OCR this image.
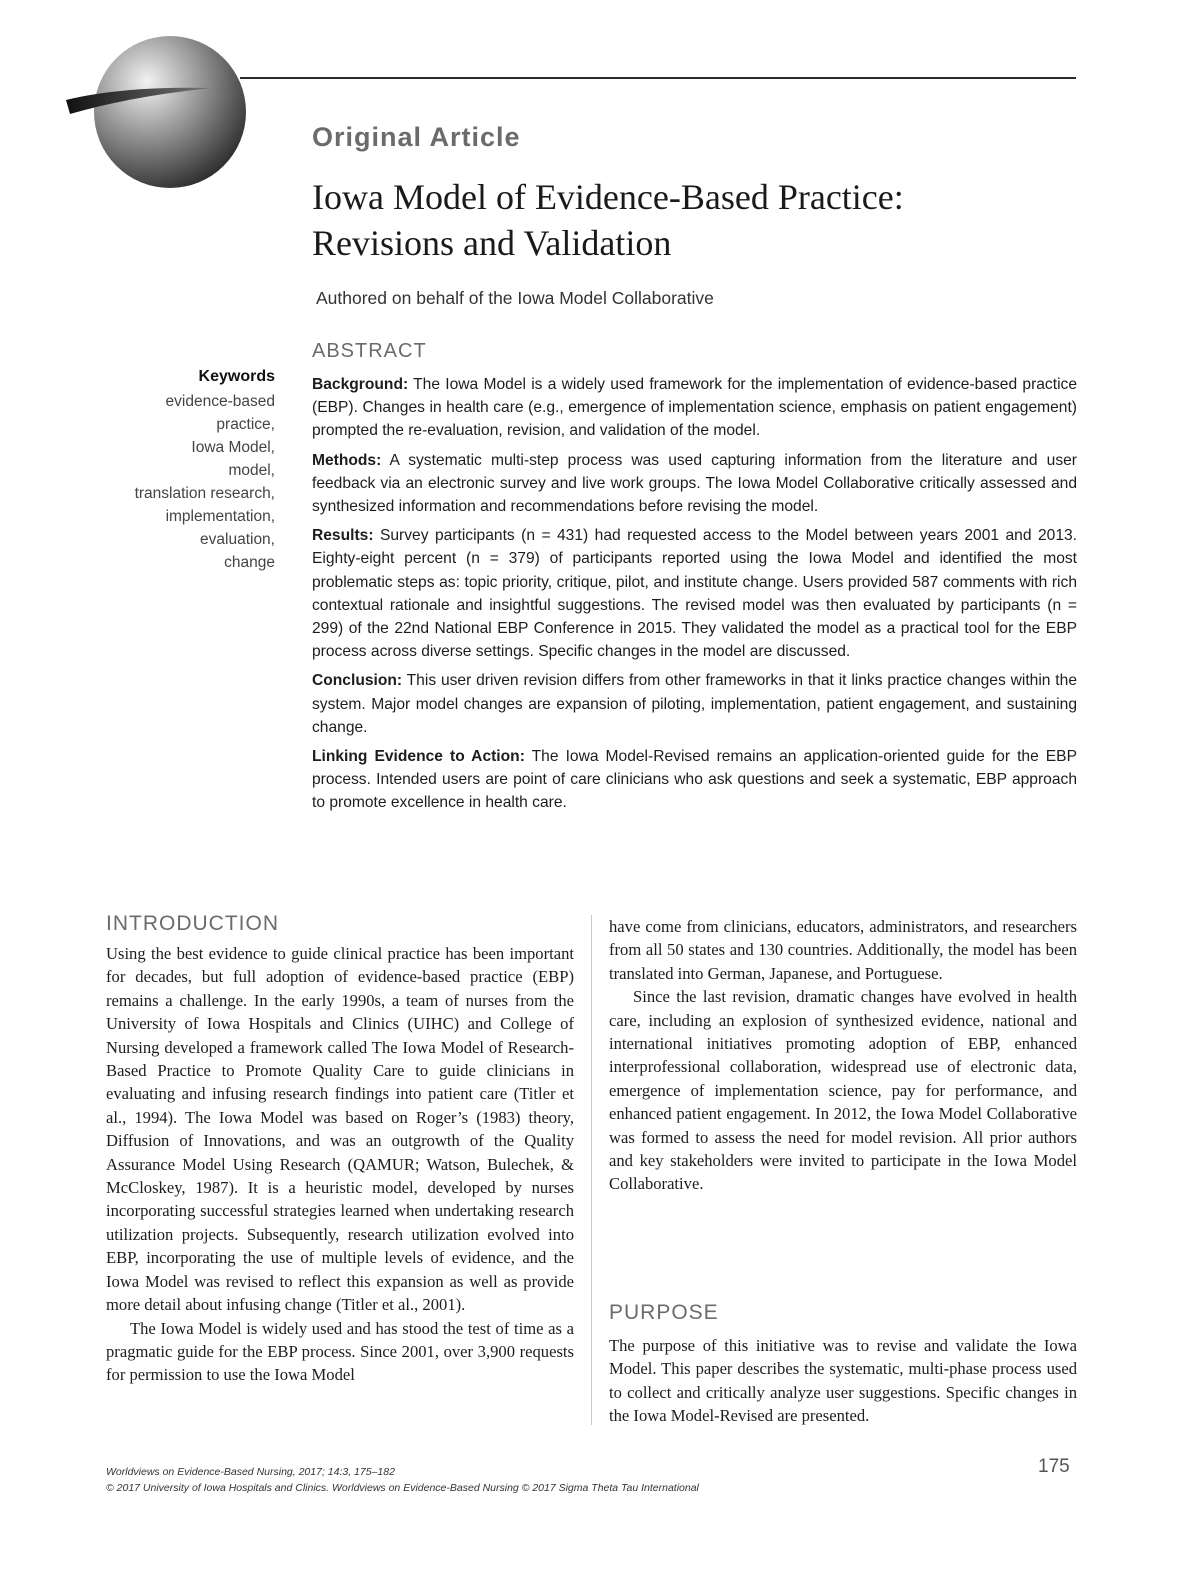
Original Article
Iowa Model of Evidence-Based Practice:
Revisions and Validation
Authored on behalf of the Iowa Model Collaborative
Keywords
evidence-based
practice,
Iowa Model,
model,
translation research,
implementation,
evaluation,
change
ABSTRACT

Background: The Iowa Model is a widely used framework for the implementation of evidence-based practice (EBP). Changes in health care (e.g., emergence of implementation science, emphasis on patient engagement) prompted the re-evaluation, revision, and validation of the model.

Methods: A systematic multi-step process was used capturing information from the literature and user feedback via an electronic survey and live work groups. The Iowa Model Collaborative critically assessed and synthesized information and recommendations before revising the model.

Results: Survey participants (n = 431) had requested access to the Model between years 2001 and 2013. Eighty-eight percent (n = 379) of participants reported using the Iowa Model and identified the most problematic steps as: topic priority, critique, pilot, and institute change. Users provided 587 comments with rich contextual rationale and insightful suggestions. The revised model was then evaluated by participants (n = 299) of the 22nd National EBP Conference in 2015. They validated the model as a practical tool for the EBP process across diverse settings. Specific changes in the model are discussed.

Conclusion: This user driven revision differs from other frameworks in that it links practice changes within the system. Major model changes are expansion of piloting, implementation, patient engagement, and sustaining change.

Linking Evidence to Action: The Iowa Model-Revised remains an application-oriented guide for the EBP process. Intended users are point of care clinicians who ask questions and seek a systematic, EBP approach to promote excellence in health care.

INTRODUCTION

Using the best evidence to guide clinical practice has been important for decades, but full adoption of evidence-based practice (EBP) remains a challenge. In the early 1990s, a team of nurses from the University of Iowa Hospitals and Clinics (UIHC) and College of Nursing developed a framework called The Iowa Model of Research-Based Practice to Promote Quality Care to guide clinicians in evaluating and infusing research findings into patient care (Titler et al., 1994). The Iowa Model was based on Roger’s (1983) theory, Diffusion of Innovations, and was an outgrowth of the Quality Assurance Model Using Research (QAMUR; Watson, Bulechek, & McCloskey, 1987). It is a heuristic model, developed by nurses incorporating successful strategies learned when undertaking research utilization projects. Subsequently, research utilization evolved into EBP, incorporating the use of multiple levels of evidence, and the Iowa Model was revised to reflect this expansion as well as provide more detail about infusing change (Titler et al., 2001).

The Iowa Model is widely used and has stood the test of time as a pragmatic guide for the EBP process. Since 2001, over 3,900 requests for permission to use the Iowa Model

have come from clinicians, educators, administrators, and researchers from all 50 states and 130 countries. Additionally, the model has been translated into German, Japanese, and Portuguese.

Since the last revision, dramatic changes have evolved in health care, including an explosion of synthesized evidence, national and international initiatives promoting adoption of EBP, enhanced interprofessional collaboration, widespread use of electronic data, emergence of implementation science, pay for performance, and enhanced patient engagement. In 2012, the Iowa Model Collaborative was formed to assess the need for model revision. All prior authors and key stakeholders were invited to participate in the Iowa Model Collaborative.

PURPOSE

The purpose of this initiative was to revise and validate the Iowa Model. This paper describes the systematic, multi-phase process used to collect and critically analyze user suggestions. Specific changes in the Iowa Model-Revised are presented.

Worldviews on Evidence-Based Nursing, 2017; 14:3, 175–182
© 2017 University of Iowa Hospitals and Clinics. Worldviews on Evidence-Based Nursing © 2017 Sigma Theta Tau International
175
